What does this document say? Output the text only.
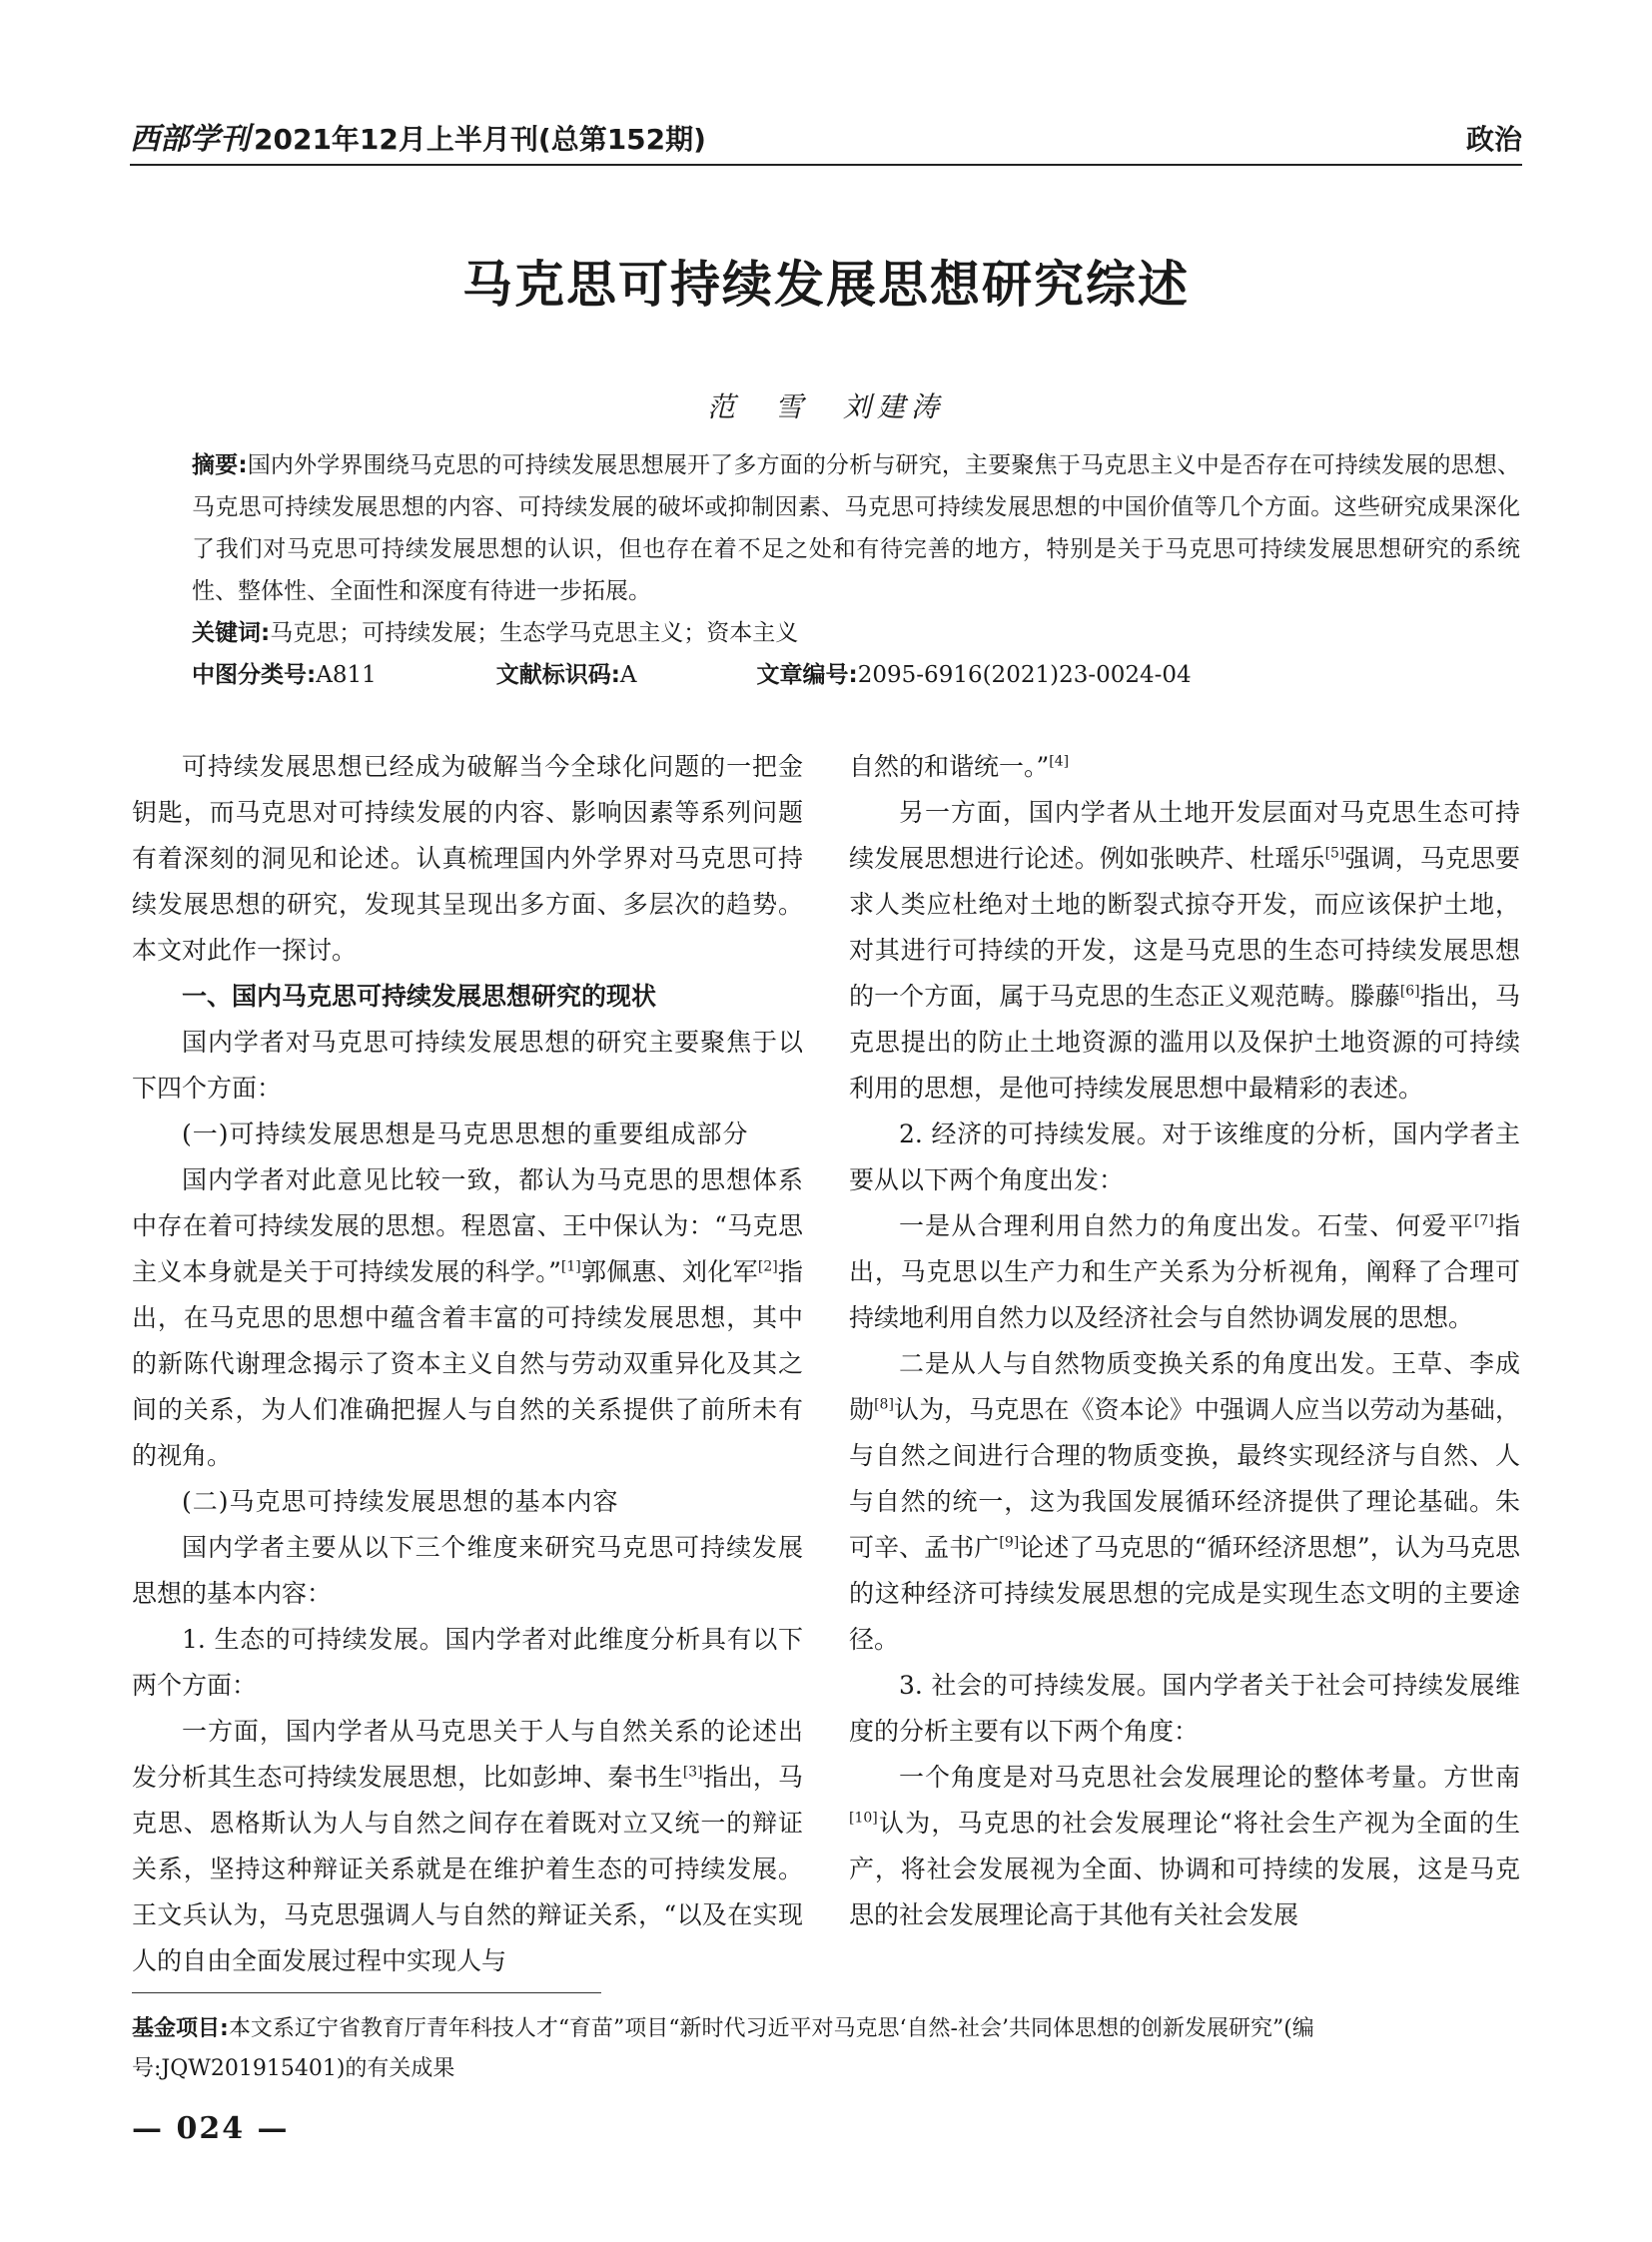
西部学刊 2021年12月上半月刊(总第152期)	政治
马克思可持续发展思想研究综述
范　雪　刘建涛

摘要:国内外学界围绕马克思的可持续发展思想展开了多方面的分析与研究，主要聚焦于马克思主义中是否存在可持续发展的思想、马克思可持续发展思想的内容、可持续发展的破坏或抑制因素、马克思可持续发展思想的中国价值等几个方面。这些研究成果深化了我们对马克思可持续发展思想的认识，但也存在着不足之处和有待完善的地方，特别是关于马克思可持续发展思想研究的系统性、整体性、全面性和深度有待进一步拓展。

关键词:马克思；可持续发展；生态学马克思主义；资本主义

中图分类号:A811	文献标识码:A	文章编号:2095-6916(2021)23-0024-04

可持续发展思想已经成为破解当今全球化问题的一把金钥匙，而马克思对可持续发展的内容、影响因素等系列问题有着深刻的洞见和论述。认真梳理国内外学界对马克思可持续发展思想的研究，发现其呈现出多方面、多层次的趋势。本文对此作一探讨。

一、国内马克思可持续发展思想研究的现状

国内学者对马克思可持续发展思想的研究主要聚焦于以下四个方面：

(一)可持续发展思想是马克思思想的重要组成部分

国内学者对此意见比较一致，都认为马克思的思想体系中存在着可持续发展的思想。程恩富、王中保认为：“马克思主义本身就是关于可持续发展的科学。”[1]郭佩惠、刘化军[2]指出，在马克思的思想中蕴含着丰富的可持续发展思想，其中的新陈代谢理念揭示了资本主义自然与劳动双重异化及其之间的关系，为人们准确把握人与自然的关系提供了前所未有的视角。

(二)马克思可持续发展思想的基本内容

国内学者主要从以下三个维度来研究马克思可持续发展思想的基本内容：

1. 生态的可持续发展。国内学者对此维度分析具有以下两个方面：

一方面，国内学者从马克思关于人与自然关系的论述出发分析其生态可持续发展思想，比如彭坤、秦书生[3]指出，马克思、恩格斯认为人与自然之间存在着既对立又统一的辩证关系，坚持这种辩证关系就是在维护着生态的可持续发展。王文兵认为，马克思强调人与自然的辩证关系，“以及在实现人的自由全面发展过程中实现人与

自然的和谐统一。”[4]

另一方面，国内学者从土地开发层面对马克思生态可持续发展思想进行论述。例如张映芹、杜瑶乐[5]强调，马克思要求人类应杜绝对土地的断裂式掠夺开发，而应该保护土地，对其进行可持续的开发，这是马克思的生态可持续发展思想的一个方面，属于马克思的生态正义观范畴。滕藤[6]指出，马克思提出的防止土地资源的滥用以及保护土地资源的可持续利用的思想，是他可持续发展思想中最精彩的表述。

2. 经济的可持续发展。对于该维度的分析，国内学者主要从以下两个角度出发：

一是从合理利用自然力的角度出发。石莹、何爱平[7]指出，马克思以生产力和生产关系为分析视角，阐释了合理可持续地利用自然力以及经济社会与自然协调发展的思想。

二是从人与自然物质变换关系的角度出发。王草、李成勋[8]认为，马克思在《资本论》中强调人应当以劳动为基础，与自然之间进行合理的物质变换，最终实现经济与自然、人与自然的统一，这为我国发展循环经济提供了理论基础。朱可辛、孟书广[9]论述了马克思的“循环经济思想”，认为马克思的这种经济可持续发展思想的完成是实现生态文明的主要途径。

3. 社会的可持续发展。国内学者关于社会可持续发展维度的分析主要有以下两个角度：

一个角度是对马克思社会发展理论的整体考量。方世南[10]认为，马克思的社会发展理论“将社会生产视为全面的生产，将社会发展视为全面、协调和可持续的发展，这是马克思的社会发展理论高于其他有关社会发展

基金项目:本文系辽宁省教育厅青年科技人才“育苗”项目“新时代习近平对马克思‘自然-社会’共同体思想的创新发展研究”(编号:JQW201915401)的有关成果
— 024 —
